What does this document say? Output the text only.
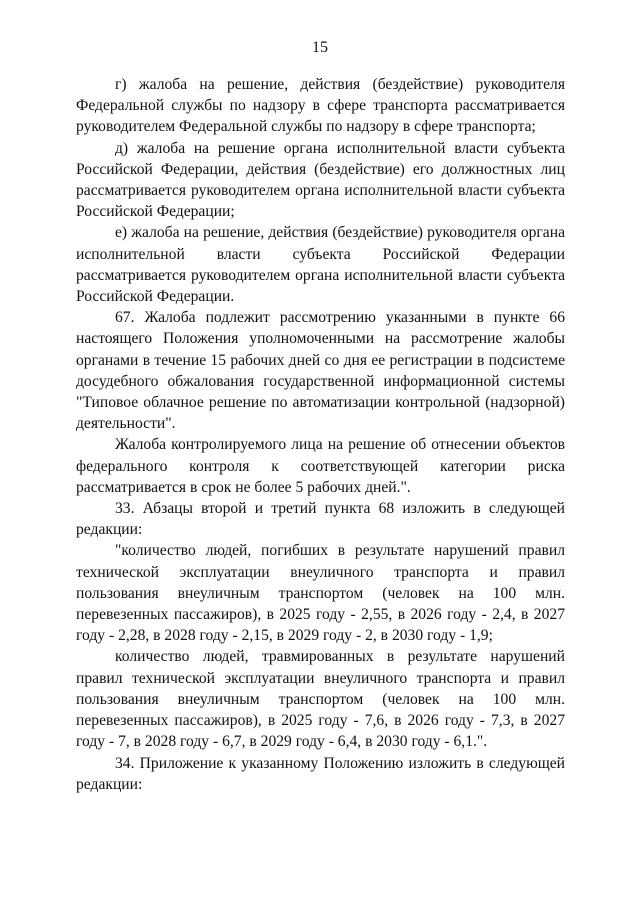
15

г) жалоба на решение, действия (бездействие) руководителя Федеральной службы по надзору в сфере транспорта рассматривается руководителем Федеральной службы по надзору в сфере транспорта;

д) жалоба на решение органа исполнительной власти субъекта Российской Федерации, действия (бездействие) его должностных лиц рассматривается руководителем органа исполнительной власти субъекта Российской Федерации;

е) жалоба на решение, действия (бездействие) руководителя органа исполнительной власти субъекта Российской Федерации рассматривается руководителем органа исполнительной власти субъекта Российской Федерации.

67. Жалоба подлежит рассмотрению указанными в пункте 66 настоящего Положения уполномоченными на рассмотрение жалобы органами в течение 15 рабочих дней со дня ее регистрации в подсистеме досудебного обжалования государственной информационной системы "Типовое облачное решение по автоматизации контрольной (надзорной) деятельности".

Жалоба контролируемого лица на решение об отнесении объектов федерального контроля к соответствующей категории риска рассматривается в срок не более 5 рабочих дней.".

33. Абзацы второй и третий пункта 68 изложить в следующей редакции:

"количество людей, погибших в результате нарушений правил технической эксплуатации внеуличного транспорта и правил пользования внеуличным транспортом (человек на 100 млн. перевезенных пассажиров), в 2025 году - 2,55, в 2026 году - 2,4, в 2027 году - 2,28, в 2028 году - 2,15, в 2029 году - 2, в 2030 году - 1,9;

количество людей, травмированных в результате нарушений правил технической эксплуатации внеуличного транспорта и правил пользования внеуличным транспортом (человек на 100 млн. перевезенных пассажиров), в 2025 году - 7,6, в 2026 году - 7,3, в 2027 году - 7, в 2028 году - 6,7, в 2029 году - 6,4, в 2030 году - 6,1.".

34. Приложение к указанному Положению изложить в следующей редакции:
